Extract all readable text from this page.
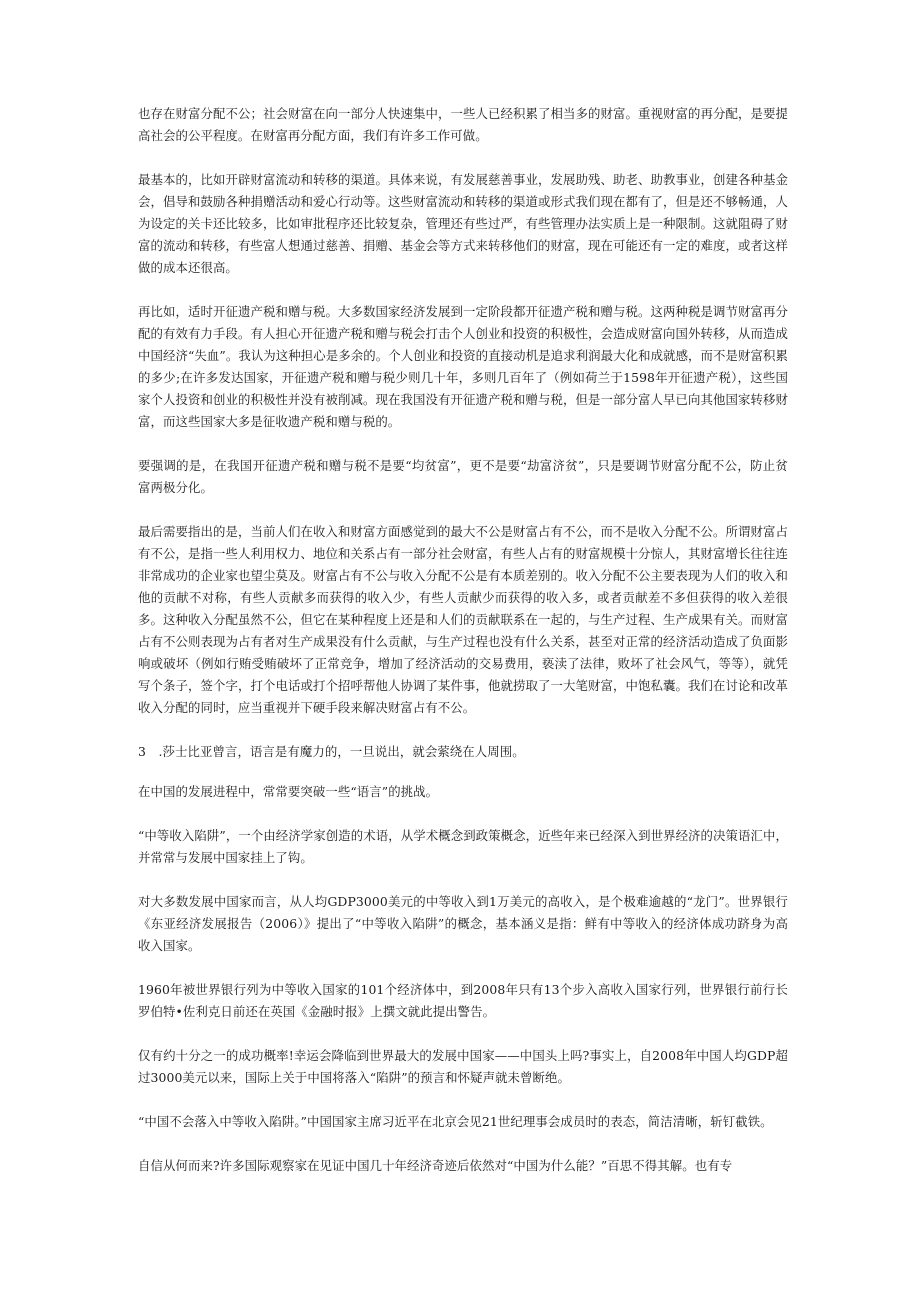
也存在财富分配不公；社会财富在向一部分人快速集中，一些人已经积累了相当多的财富。重视财富的再分配，是要提高社会的公平程度。在财富再分配方面，我们有许多工作可做。

最基本的，比如开辟财富流动和转移的渠道。具体来说，有发展慈善事业，发展助残、助老、助教事业，创建各种基金会，倡导和鼓励各种捐赠活动和爱心行动等。这些财富流动和转移的渠道或形式我们现在都有了，但是还不够畅通，人为设定的关卡还比较多，比如审批程序还比较复杂，管理还有些过严，有些管理办法实质上是一种限制。这就阻碍了财富的流动和转移，有些富人想通过慈善、捐赠、基金会等方式来转移他们的财富，现在可能还有一定的难度，或者这样做的成本还很高。

再比如，适时开征遗产税和赠与税。大多数国家经济发展到一定阶段都开征遗产税和赠与税。这两种税是调节财富再分配的有效有力手段。有人担心开征遗产税和赠与税会打击个人创业和投资的积极性，会造成财富向国外转移，从而造成中国经济“失血”。我认为这种担心是多余的。个人创业和投资的直接动机是追求利润最大化和成就感，而不是财富积累的多少;在许多发达国家，开征遗产税和赠与税少则几十年，多则几百年了（例如荷兰于1598年开征遗产税），这些国家个人投资和创业的积极性并没有被削减。现在我国没有开征遗产税和赠与税，但是一部分富人早已向其他国家转移财富，而这些国家大多是征收遗产税和赠与税的。

要强调的是，在我国开征遗产税和赠与税不是要“均贫富”，更不是要“劫富济贫”，只是要调节财富分配不公，防止贫富两极分化。

最后需要指出的是，当前人们在收入和财富方面感觉到的最大不公是财富占有不公，而不是收入分配不公。所谓财富占有不公，是指一些人利用权力、地位和关系占有一部分社会财富，有些人占有的财富规模十分惊人，其财富增长往往连非常成功的企业家也望尘莫及。财富占有不公与收入分配不公是有本质差别的。收入分配不公主要表现为人们的收入和他的贡献不对称，有些人贡献多而获得的收入少，有些人贡献少而获得的收入多，或者贡献差不多但获得的收入差很多。这种收入分配虽然不公，但它在某种程度上还是和人们的贡献联系在一起的，与生产过程、生产成果有关。而财富占有不公则表现为占有者对生产成果没有什么贡献，与生产过程也没有什么关系，甚至对正常的经济活动造成了负面影响或破坏（例如行贿受贿破坏了正常竞争，增加了经济活动的交易费用，亵渎了法律，败坏了社会风气，等等），就凭写个条子，签个字，打个电话或打个招呼帮他人协调了某件事，他就捞取了一大笔财富，中饱私囊。我们在讨论和改革收入分配的同时，应当重视并下硬手段来解决财富占有不公。

3　.莎士比亚曾言，语言是有魔力的，一旦说出，就会萦绕在人周围。

在中国的发展进程中，常常要突破一些“语言”的挑战。

“中等收入陷阱”，一个由经济学家创造的术语，从学术概念到政策概念，近些年来已经深入到世界经济的决策语汇中，并常常与发展中国家挂上了钩。

对大多数发展中国家而言，从人均GDP3000美元的中等收入到1万美元的高收入，是个极难逾越的“龙门”。世界银行《东亚经济发展报告（2006）》提出了“中等收入陷阱”的概念，基本涵义是指：鲜有中等收入的经济体成功跻身为高收入国家。

1960年被世界银行列为中等收入国家的101个经济体中，到2008年只有13个步入高收入国家行列，世界银行前行长罗伯特•佐利克日前还在英国《金融时报》上撰文就此提出警告。

仅有约十分之一的成功概率!幸运会降临到世界最大的发展中国家——中国头上吗?事实上，自2008年中国人均GDP超过3000美元以来，国际上关于中国将落入“陷阱”的预言和怀疑声就未曾断绝。

“中国不会落入中等收入陷阱。”中国国家主席习近平在北京会见21世纪理事会成员时的表态，简洁清晰，斩钉截铁。

自信从何而来?许多国际观察家在见证中国几十年经济奇迹后依然对“中国为什么能？”百思不得其解。也有专
